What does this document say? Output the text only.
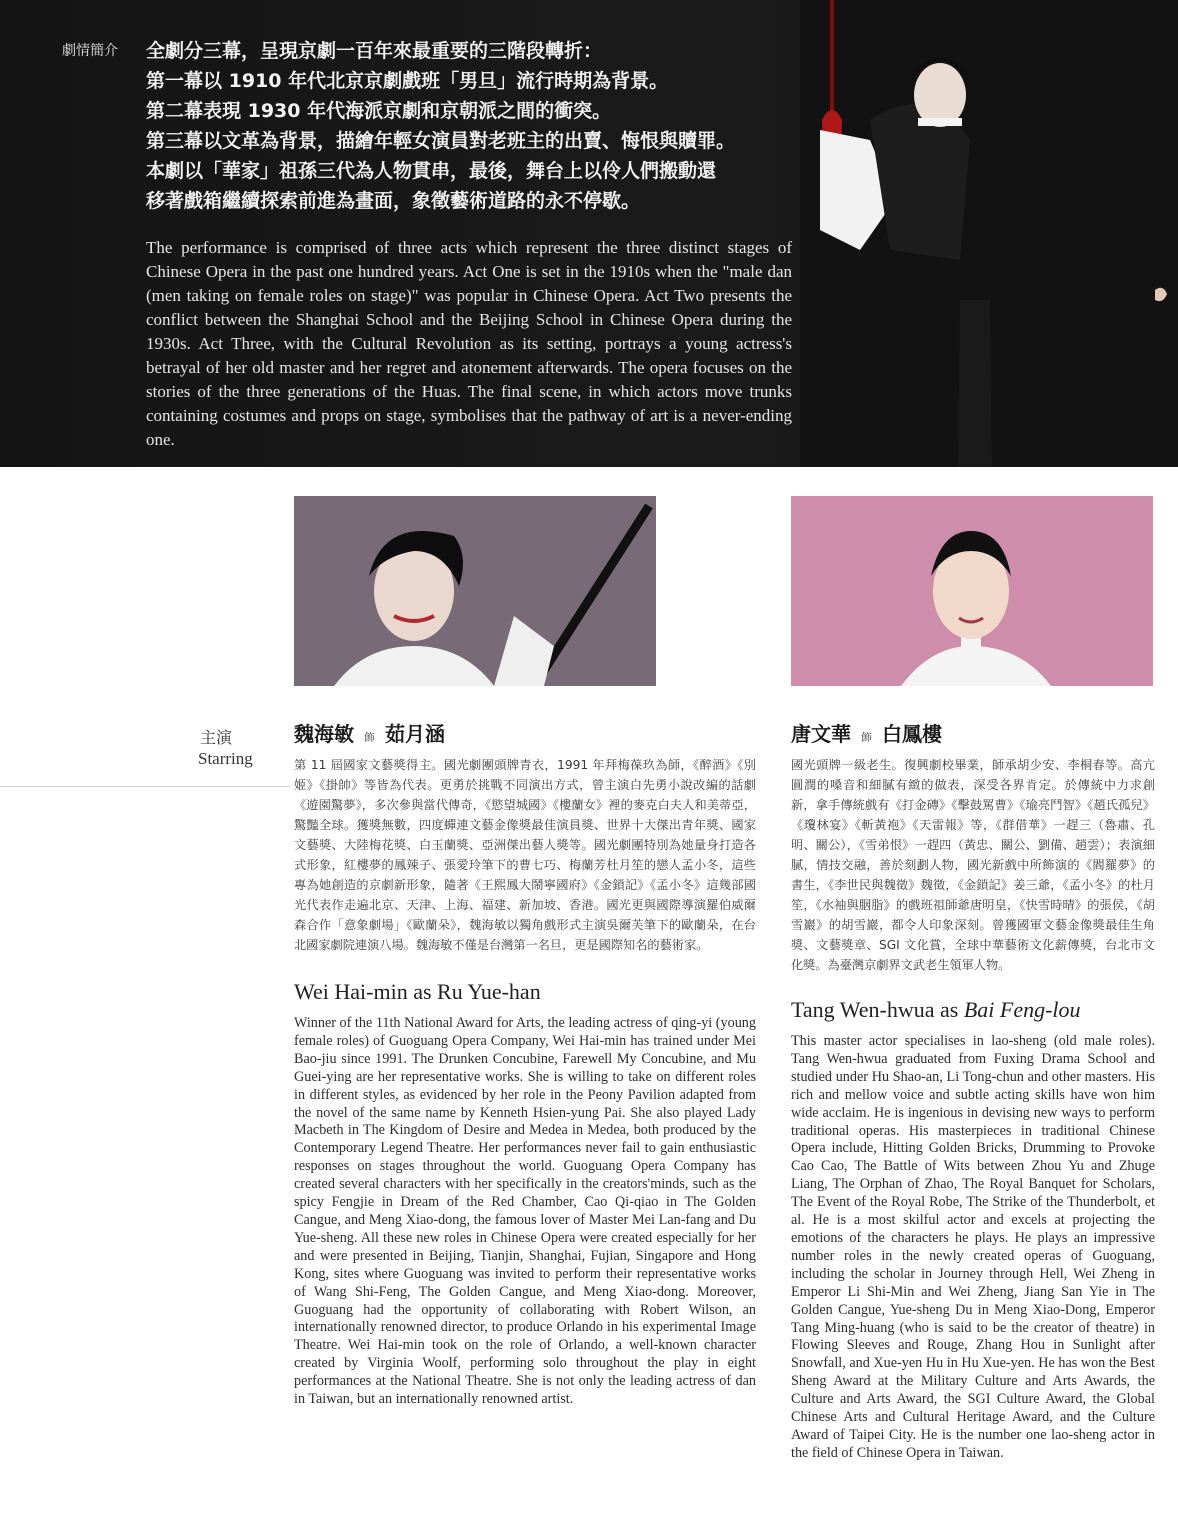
劇情簡介 全劇分三幕，呈現京劇一百年來最重要的三階段轉折：
第一幕以 1910 年代北京京劇戲班「男旦」流行時期為背景。
第二幕表現 1930 年代海派京劇和京朝派之間的衝突。
第三幕以文革為背景，描繪年輕女演員對老班主的出賣、悔恨與贖罪。
本劇以「華家」祖孫三代為人物貫串，最後，舞台上以伶人們搬動還
移著戲箱繼續探索前進為畫面，象徵藝術道路的永不停歇。

The performance is comprised of three acts which represent the three distinct stages of Chinese Opera in the past one hundred years. Act One is set in the 1910s when the "male dan (men taking on female roles on stage)" was popular in Chinese Opera. Act Two presents the conflict between the Shanghai School and the Beijing School in Chinese Opera during the 1930s. Act Three, with the Cultural Revolution as its setting, portrays a young actress's betrayal of her old master and her regret and atonement afterwards. The opera focuses on the stories of the three generations of the Huas. The final scene, in which actors move trunks containing costumes and props on stage, symbolises that the pathway of art is a never-ending one.

主演
Starring
魏海敏 飾 茹月涵

第 11 屆國家文藝獎得主。國光劇團頭牌青衣，1991 年拜梅葆玖為師，《醉酒》《別姬》《掛帥》等皆為代表。更勇於挑戰不同演出方式，曾主演白先勇小說改編的話劇《遊園驚夢》，多次參與當代傳奇，《慾望城國》《樓蘭女》裡的麥克白夫人和美蒂亞，驚豔全球。獲獎無數，四度蟬連文藝金像獎最佳演員獎、世界十大傑出青年獎、國家文藝獎、大陸梅花獎、白玉蘭獎、亞洲傑出藝人獎等。國光劇團特別為她量身打造各式形象，紅樓夢的鳳辣子、張愛玲筆下的曹七巧、梅蘭芳杜月笙的戀人孟小冬，這些專為她創造的京劇新形象，隨著《王熙鳳大鬧寧國府》《金鎖記》《孟小冬》這幾部國光代表作走遍北京、天津、上海、福建、新加坡、香港。國光更與國際導演羅伯威爾森合作「意象劇場」《歐蘭朵》，魏海敏以獨角戲形式主演吳爾芙筆下的歐蘭朵，在台北國家劇院連演八場。魏海敏不僅是台灣第一名旦，更是國際知名的藝術家。

Wei Hai-min as Ru Yue-han

Winner of the 11th National Award for Arts, the leading actress of qing-yi (young female roles) of Guoguang Opera Company, Wei Hai-min has trained under Mei Bao-jiu since 1991. The Drunken Concubine, Farewell My Concubine, and Mu Guei-ying are her representative works. She is willing to take on different roles in different styles, as evidenced by her role in the Peony Pavilion adapted from the novel of the same name by Kenneth Hsien-yung Pai. She also played Lady Macbeth in The Kingdom of Desire and Medea in Medea, both produced by the Contemporary Legend Theatre. Her performances never fail to gain enthusiastic responses on stages throughout the world. Guoguang Opera Company has created several characters with her specifically in the creators'minds, such as the spicy Fengjie in Dream of the Red Chamber, Cao Qi-qiao in The Golden Cangue, and Meng Xiao-dong, the famous lover of Master Mei Lan-fang and Du Yue-sheng. All these new roles in Chinese Opera were created especially for her and were presented in Beijing, Tianjin, Shanghai, Fujian, Singapore and Hong Kong, sites where Guoguang was invited to perform their representative works of Wang Shi-Feng, The Golden Cangue, and Meng Xiao-dong. Moreover, Guoguang had the opportunity of collaborating with Robert Wilson, an internationally renowned director, to produce Orlando in his experimental Image Theatre. Wei Hai-min took on the role of Orlando, a well-known character created by Virginia Woolf, performing solo throughout the play in eight performances at the National Theatre. She is not only the leading actress of dan in Taiwan, but an internationally renowned artist.

唐文華 飾 白鳳樓

國光頭牌一級老生。復興劇校畢業，師承胡少安、李桐春等。高亢圓潤的嗓音和細膩有緻的做表，深受各界肯定。於傳統中力求創新，拿手傳統戲有《打金磚》《擊鼓罵曹》《瑜亮鬥智》《趙氏孤兒》《瓊林宴》《斬黃袍》《天雷報》等，《群借華》一趕三（魯肅、孔明、關公），《雪弟恨》一趕四（黃忠、關公、劉備、趙雲）；表演細膩，情技交融，善於刻劃人物，國光新戲中所飾演的《閻羅夢》的書生，《李世民與魏徵》魏徵，《金鎖記》姜三爺，《孟小冬》的杜月笙，《水袖與胭脂》的戲班祖師爺唐明皇，《快雪時晴》的張侯，《胡雪巖》的胡雪巖，都令人印象深刻。曾獲國軍文藝金像獎最佳生角獎、文藝獎章、SGI 文化賞，全球中華藝術文化薪傳獎，台北市文化獎。為臺灣京劇界文武老生領軍人物。

Tang Wen-hwua as Bai Feng-lou

This master actor specialises in lao-sheng (old male roles). Tang Wen-hwua graduated from Fuxing Drama School and studied under Hu Shao-an, Li Tong-chun and other masters. His rich and mellow voice and subtle acting skills have won him wide acclaim. He is ingenious in devising new ways to perform traditional operas. His masterpieces in traditional Chinese Opera include, Hitting Golden Bricks, Drumming to Provoke Cao Cao, The Battle of Wits between Zhou Yu and Zhuge Liang, The Orphan of Zhao, The Royal Banquet for Scholars, The Event of the Royal Robe, The Strike of the Thunderbolt, et al. He is a most skilful actor and excels at projecting the emotions of the characters he plays. He plays an impressive number roles in the newly created operas of Guoguang, including the scholar in Journey through Hell, Wei Zheng in Emperor Li Shi-Min and Wei Zheng, Jiang San Yie in The Golden Cangue, Yue-sheng Du in Meng Xiao-Dong, Emperor Tang Ming-huang (who is said to be the creator of theatre) in Flowing Sleeves and Rouge, Zhang Hou in Sunlight after Snowfall, and Xue-yen Hu in Hu Xue-yen. He has won the Best Sheng Award at the Military Culture and Arts Awards, the Culture and Arts Award, the SGI Culture Award, the Global Chinese Arts and Cultural Heritage Award, and the Culture Award of Taipei City. He is the number one lao-sheng actor in the field of Chinese Opera in Taiwan.
